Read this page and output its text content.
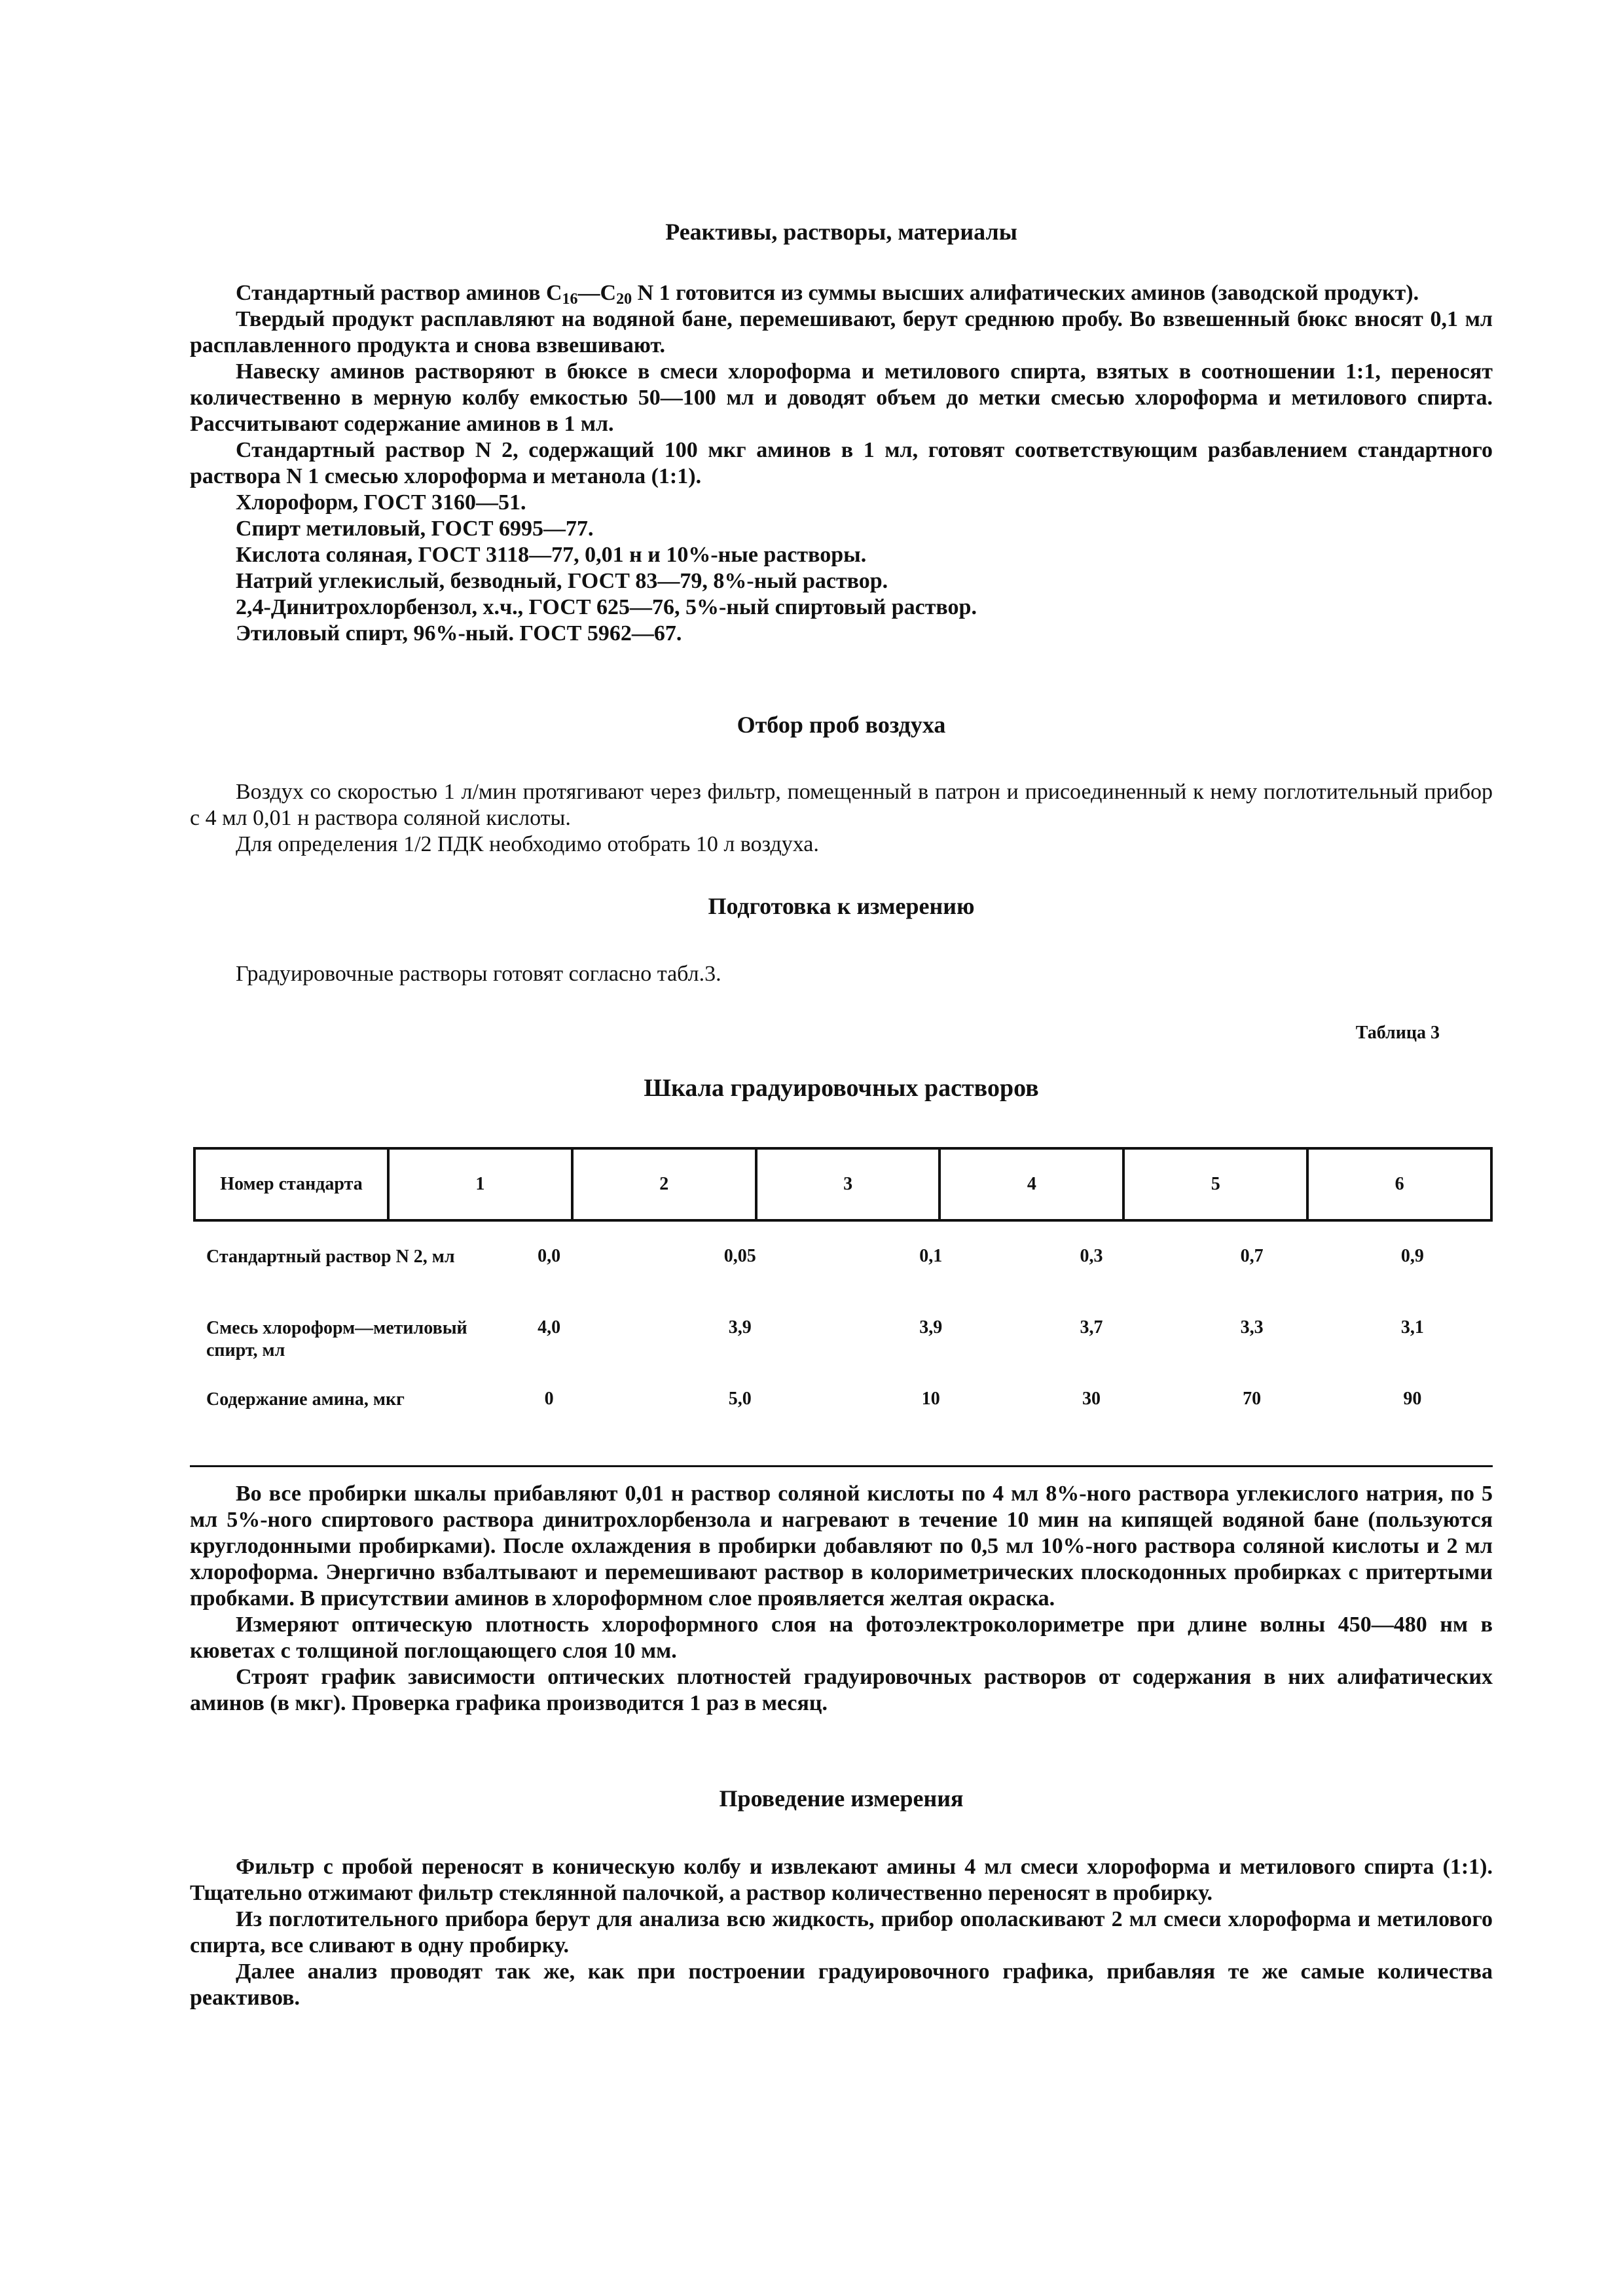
Реактивы, растворы, материалы

Стандартный раствор аминов $C_{16}—C_{20}$ N 1 готовится из суммы высших алифатических аминов (заводской продукт).

Твердый продукт расплавляют на водяной бане, перемешивают, берут среднюю пробу. Во взвешенный бюкс вносят 0,1 мл расплавленного продукта и снова взвешивают.

Навеску аминов растворяют в бюксе в смеси хлороформа и метилового спирта, взятых в соотношении 1:1, переносят количественно в мерную колбу емкостью 50—100 мл и доводят объем до метки смесью хлороформа и метилового спирта. Рассчитывают содержание аминов в 1 мл.

Стандартный раствор N 2, содержащий 100 мкг аминов в 1 мл, готовят соответствующим разбавлением стандартного раствора N 1 смесью хлороформа и метанола (1:1).

Хлороформ, ГОСТ 3160—51.

Спирт метиловый, ГОСТ 6995—77.

Кислота соляная, ГОСТ 3118—77, 0,01 н и 10%-ные растворы.

Натрий углекислый, безводный, ГОСТ 83—79, 8%-ный раствор.

2,4-Динитрохлорбензол, х.ч., ГОСТ 625—76, 5%-ный спиртовый раствор.

Этиловый спирт, 96%-ный. ГОСТ 5962—67.

Отбор проб воздуха

Воздух со скоростью 1 л/мин протягивают через фильтр, помещенный в патрон и присоединенный к нему поглотительный прибор с 4 мл 0,01 н раствора соляной кислоты.

Для определения 1/2 ПДК необходимо отобрать 10 л воздуха.

Подготовка к измерению

Градуировочные растворы готовят согласно табл.3.

Таблица 3
Шкала градуировочных растворов
Номер стандарта	1	2	3	4	5	6
Стандартный раствор N 2, мл	0,0	0,05	0,1	0,3	0,7	0,9
Смесь хлороформ—метиловый спирт, мл	4,0	3,9	3,9	3,7	3,3	3,1
Содержание амина, мкг	0	5,0	10	30	70	90

Во все пробирки шкалы прибавляют 0,01 н раствор соляной кислоты по 4 мл 8%-ного раствора углекислого натрия, по 5 мл 5%-ного спиртового раствора динитрохлорбензола и нагревают в течение 10 мин на кипящей водяной бане (пользуются круглодонными пробирками). После охлаждения в пробирки добавляют по 0,5 мл 10%-ного раствора соляной кислоты и 2 мл хлороформа. Энергично взбалтывают и перемешивают раствор в колориметрических плоскодонных пробирках с притертыми пробками. В присутствии аминов в хлороформном слое проявляется желтая окраска.

Измеряют оптическую плотность хлороформного слоя на фотоэлектроколориметре при длине волны 450—480 нм в кюветах с толщиной поглощающего слоя 10 мм.

Строят график зависимости оптических плотностей градуировочных растворов от содержания в них алифатических аминов (в мкг). Проверка графика производится 1 раз в месяц.

Проведение измерения

Фильтр с пробой переносят в коническую колбу и извлекают амины 4 мл смеси хлороформа и метилового спирта (1:1). Тщательно отжимают фильтр стеклянной палочкой, а раствор количественно переносят в пробирку.

Из поглотительного прибора берут для анализа всю жидкость, прибор ополаскивают 2 мл смеси хлороформа и метилового спирта, все сливают в одну пробирку.

Далее анализ проводят так же, как при построении градуировочного графика, прибавляя те же самые количества реактивов.
